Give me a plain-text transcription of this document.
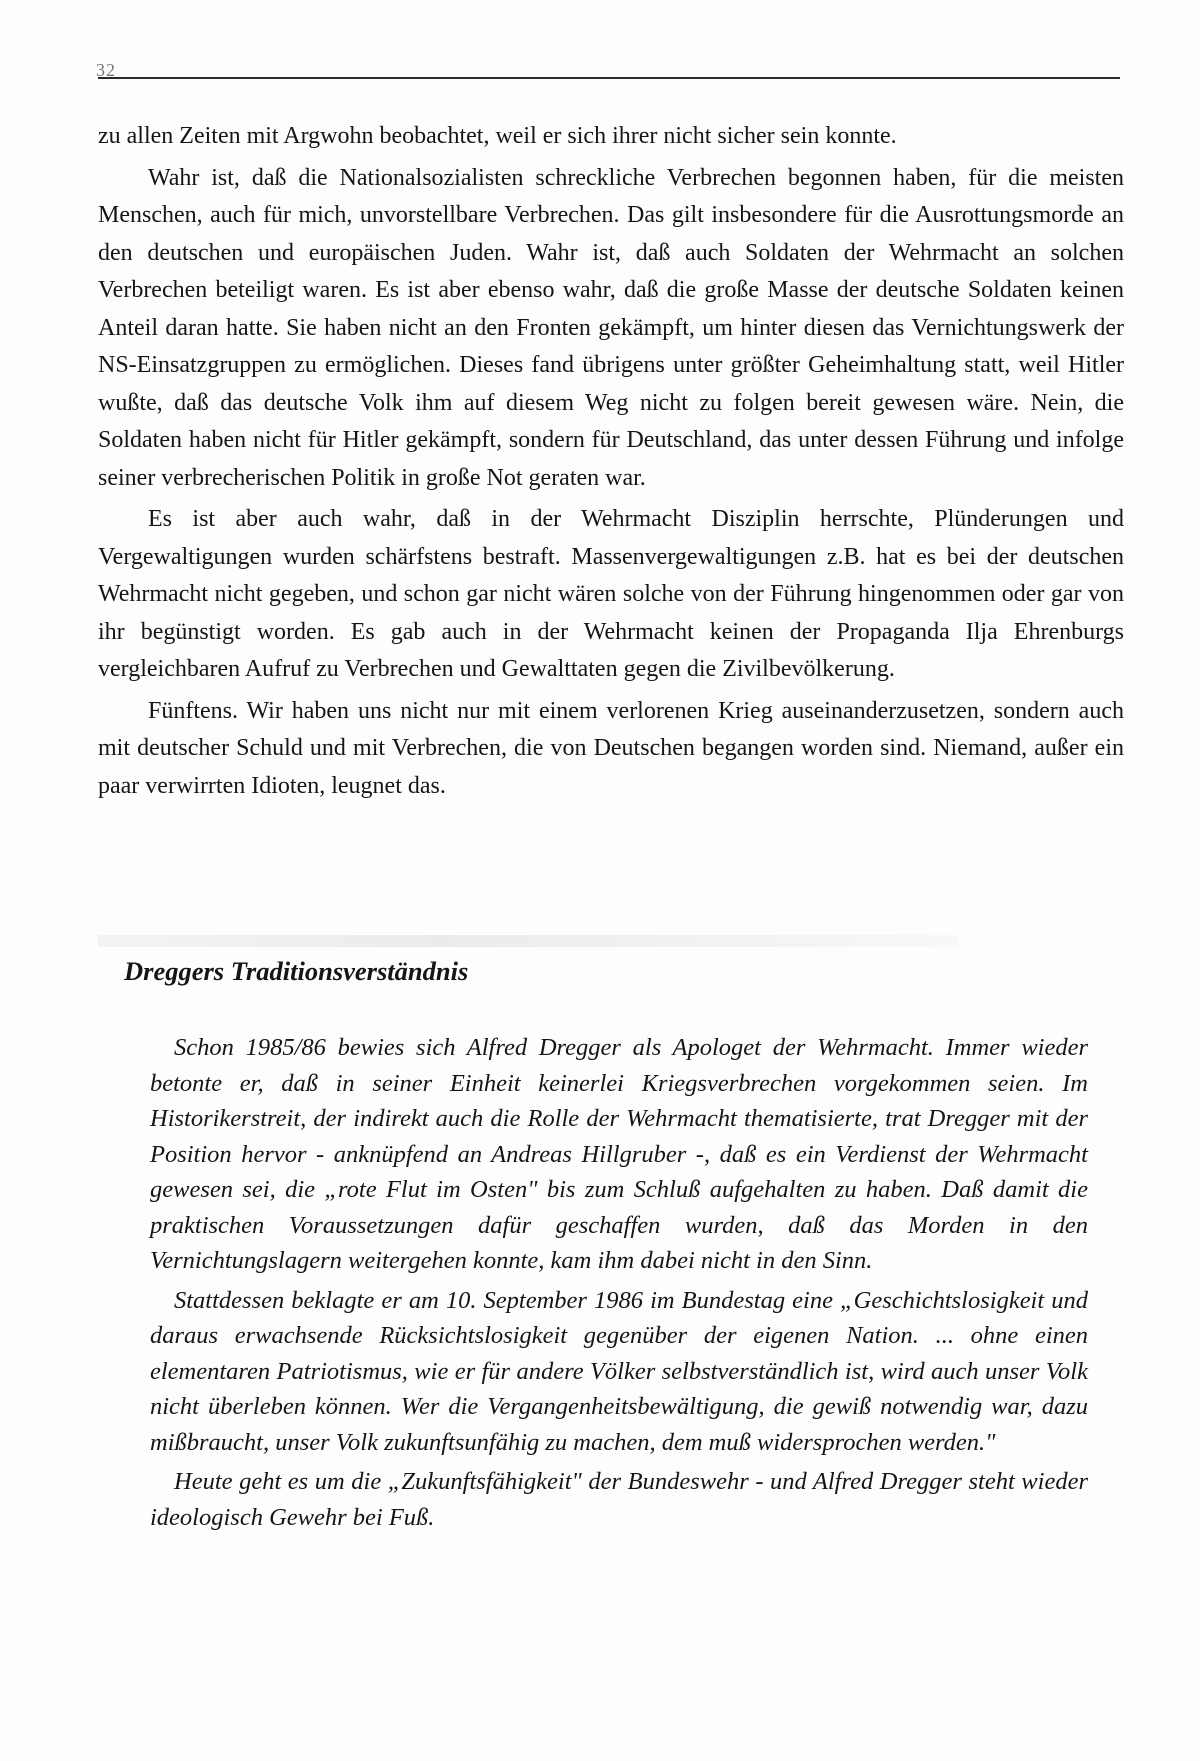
32

zu allen Zeiten mit Argwohn beobachtet, weil er sich ihrer nicht sicher sein konnte.

Wahr ist, daß die Nationalsozialisten schreckliche Verbrechen begonnen haben, für die meisten Menschen, auch für mich, unvorstellbare Verbrechen. Das gilt insbesondere für die Ausrottungsmorde an den deutschen und europäischen Juden. Wahr ist, daß auch Soldaten der Wehrmacht an solchen Verbrechen beteiligt waren. Es ist aber ebenso wahr, daß die große Masse der deutsche Soldaten keinen Anteil daran hatte. Sie haben nicht an den Fronten gekämpft, um hinter diesen das Vernichtungswerk der NS-Einsatzgruppen zu ermöglichen. Dieses fand übrigens unter größter Geheimhaltung statt, weil Hitler wußte, daß das deutsche Volk ihm auf diesem Weg nicht zu folgen bereit gewesen wäre. Nein, die Soldaten haben nicht für Hitler gekämpft, sondern für Deutschland, das unter dessen Führung und infolge seiner verbrecherischen Politik in große Not geraten war.

Es ist aber auch wahr, daß in der Wehrmacht Disziplin herrschte, Plünderungen und Vergewaltigungen wurden schärfstens bestraft. Massenvergewaltigungen z.B. hat es bei der deutschen Wehrmacht nicht gegeben, und schon gar nicht wären solche von der Führung hingenommen oder gar von ihr begünstigt worden. Es gab auch in der Wehrmacht keinen der Propaganda Ilja Ehrenburgs vergleichbaren Aufruf zu Verbrechen und Gewalttaten gegen die Zivilbevölkerung.

Fünftens. Wir haben uns nicht nur mit einem verlorenen Krieg auseinanderzusetzen, sondern auch mit deutscher Schuld und mit Verbrechen, die von Deutschen begangen worden sind. Niemand, außer ein paar verwirrten Idioten, leugnet das.

Dreggers Traditionsverständnis

Schon 1985/86 bewies sich Alfred Dregger als Apologet der Wehrmacht. Immer wieder betonte er, daß in seiner Einheit keinerlei Kriegsverbrechen vorgekommen seien. Im Historikerstreit, der indirekt auch die Rolle der Wehrmacht thematisierte, trat Dregger mit der Position hervor - anknüpfend an Andreas Hillgruber -, daß es ein Verdienst der Wehrmacht gewesen sei, die „rote Flut im Osten" bis zum Schluß aufgehalten zu haben. Daß damit die praktischen Voraussetzungen dafür geschaffen wurden, daß das Morden in den Vernichtungslagern weitergehen konnte, kam ihm dabei nicht in den Sinn.

Stattdessen beklagte er am 10. September 1986 im Bundestag eine „Geschichtslosigkeit und daraus erwachsende Rücksichtslosigkeit gegenüber der eigenen Nation. ... ohne einen elementaren Patriotismus, wie er für andere Völker selbstverständlich ist, wird auch unser Volk nicht überleben können. Wer die Vergangenheitsbewältigung, die gewiß notwendig war, dazu mißbraucht, unser Volk zukunftsunfähig zu machen, dem muß widersprochen werden."

Heute geht es um die „Zukunftsfähigkeit" der Bundeswehr - und Alfred Dregger steht wieder ideologisch Gewehr bei Fuß.
